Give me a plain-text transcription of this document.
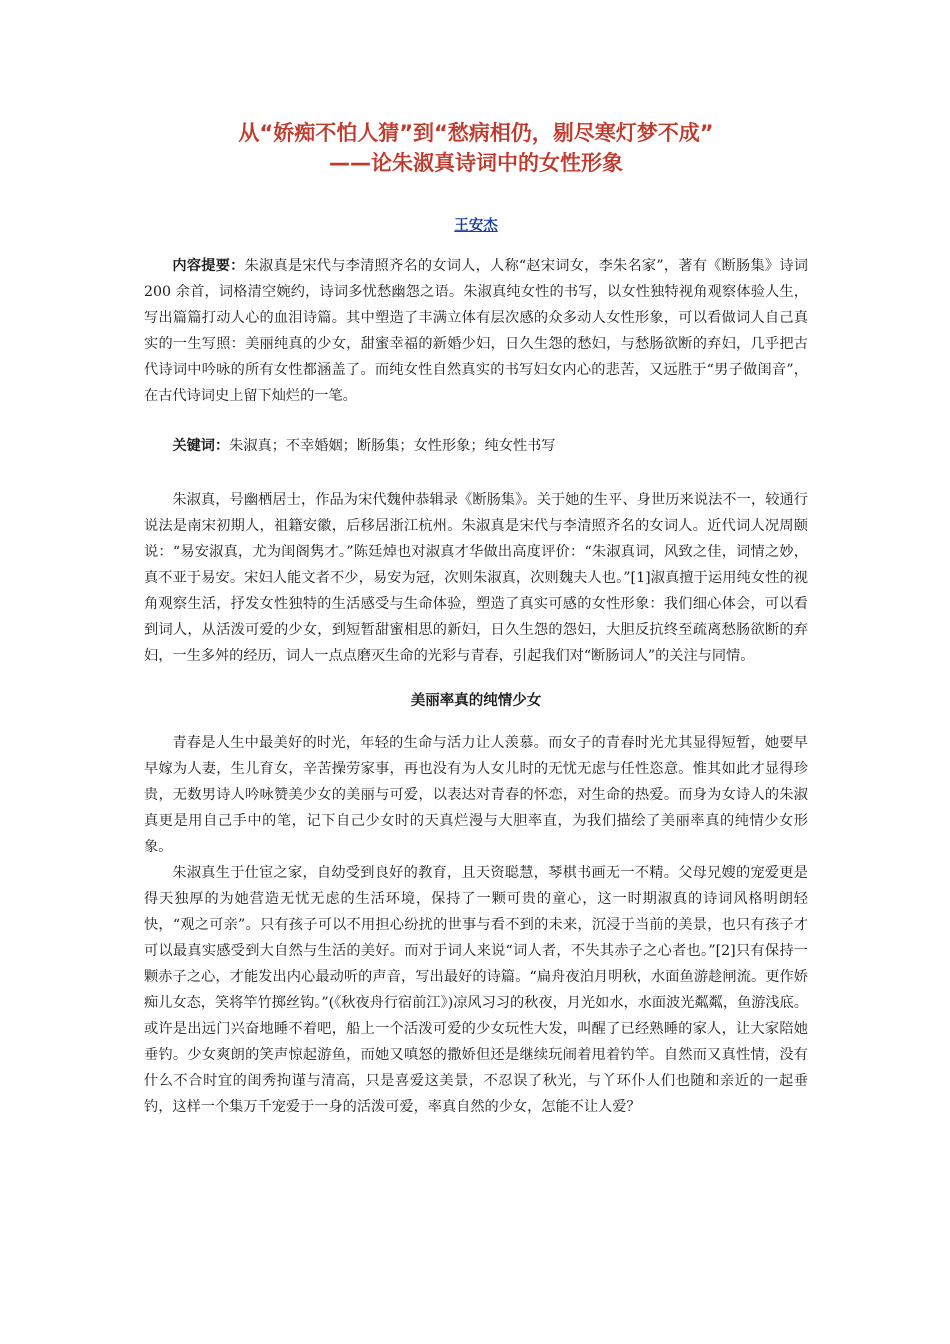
从“娇痴不怕人猜”到“愁病相仍，剔尽寒灯梦不成”
——论朱淑真诗词中的女性形象
王安杰

内容提要：朱淑真是宋代与李清照齐名的女词人，人称“赵宋词女，李朱名家”，著有《断肠集》诗词 200 余首，词格清空婉约，诗词多忧愁幽怨之语。朱淑真纯女性的书写，以女性独特视角观察体验人生，写出篇篇打动人心的血泪诗篇。其中塑造了丰满立体有层次感的众多动人女性形象，可以看做词人自己真实的一生写照：美丽纯真的少女，甜蜜幸福的新婚少妇，日久生怨的愁妇，与愁肠欲断的弃妇，几乎把古代诗词中吟咏的所有女性都涵盖了。而纯女性自然真实的书写妇女内心的悲苦，又远胜于“男子做闺音”，在古代诗词史上留下灿烂的一笔。

关键词：朱淑真；不幸婚姻；断肠集；女性形象；纯女性书写

朱淑真，号幽栖居士，作品为宋代魏仲恭辑录《断肠集》。关于她的生平、身世历来说法不一，较通行说法是南宋初期人，祖籍安徽，后移居浙江杭州。朱淑真是宋代与李清照齐名的女词人。近代词人况周颐说：“易安淑真，尤为闺阁隽才。”陈廷焯也对淑真才华做出高度评价：“朱淑真词，风致之佳，词情之妙，真不亚于易安。宋妇人能文者不少，易安为冠，次则朱淑真，次则魏夫人也。”[1]淑真擅于运用纯女性的视角观察生活，抒发女性独特的生活感受与生命体验，塑造了真实可感的女性形象：我们细心体会，可以看到词人，从活泼可爱的少女，到短暂甜蜜相思的新妇，日久生怨的怨妇，大胆反抗终至疏离愁肠欲断的弃妇，一生多舛的经历，词人一点点磨灭生命的光彩与青春，引起我们对“断肠词人”的关注与同情。

美丽率真的纯情少女

青春是人生中最美好的时光，年轻的生命与活力让人羡慕。而女子的青春时光尤其显得短暂，她要早早嫁为人妻，生儿育女，辛苦操劳家事，再也没有为人女儿时的无忧无虑与任性恣意。惟其如此才显得珍贵，无数男诗人吟咏赞美少女的美丽与可爱，以表达对青春的怀恋，对生命的热爱。而身为女诗人的朱淑真更是用自己手中的笔，记下自己少女时的天真烂漫与大胆率直，为我们描绘了美丽率真的纯情少女形象。

朱淑真生于仕宦之家，自幼受到良好的教育，且天资聪慧，琴棋书画无一不精。父母兄嫂的宠爱更是得天独厚的为她营造无忧无虑的生活环境，保持了一颗可贵的童心，这一时期淑真的诗词风格明朗轻快，“观之可亲”。只有孩子可以不用担心纷扰的世事与看不到的未来，沉浸于当前的美景，也只有孩子才可以最真实感受到大自然与生活的美好。而对于词人来说“词人者，不失其赤子之心者也。”[2]只有保持一颗赤子之心，才能发出内心最动听的声音，写出最好的诗篇。“扁舟夜泊月明秋，水面鱼游趁闸流。更作娇痴儿女态，笑将竿竹掷丝钩。”(《秋夜舟行宿前江》)凉风习习的秋夜，月光如水，水面波光粼粼，鱼游浅底。或许是出远门兴奋地睡不着吧，船上一个活泼可爱的少女玩性大发，叫醒了已经熟睡的家人，让大家陪她垂钓。少女爽朗的笑声惊起游鱼，而她又嗔怒的撒娇但还是继续玩闹着甩着钓竿。自然而又真性情，没有什么不合时宜的闺秀拘谨与清高，只是喜爱这美景，不忍误了秋光，与丫环仆人们也随和亲近的一起垂钓，这样一个集万千宠爱于一身的活泼可爱，率真自然的少女，怎能不让人爱？
